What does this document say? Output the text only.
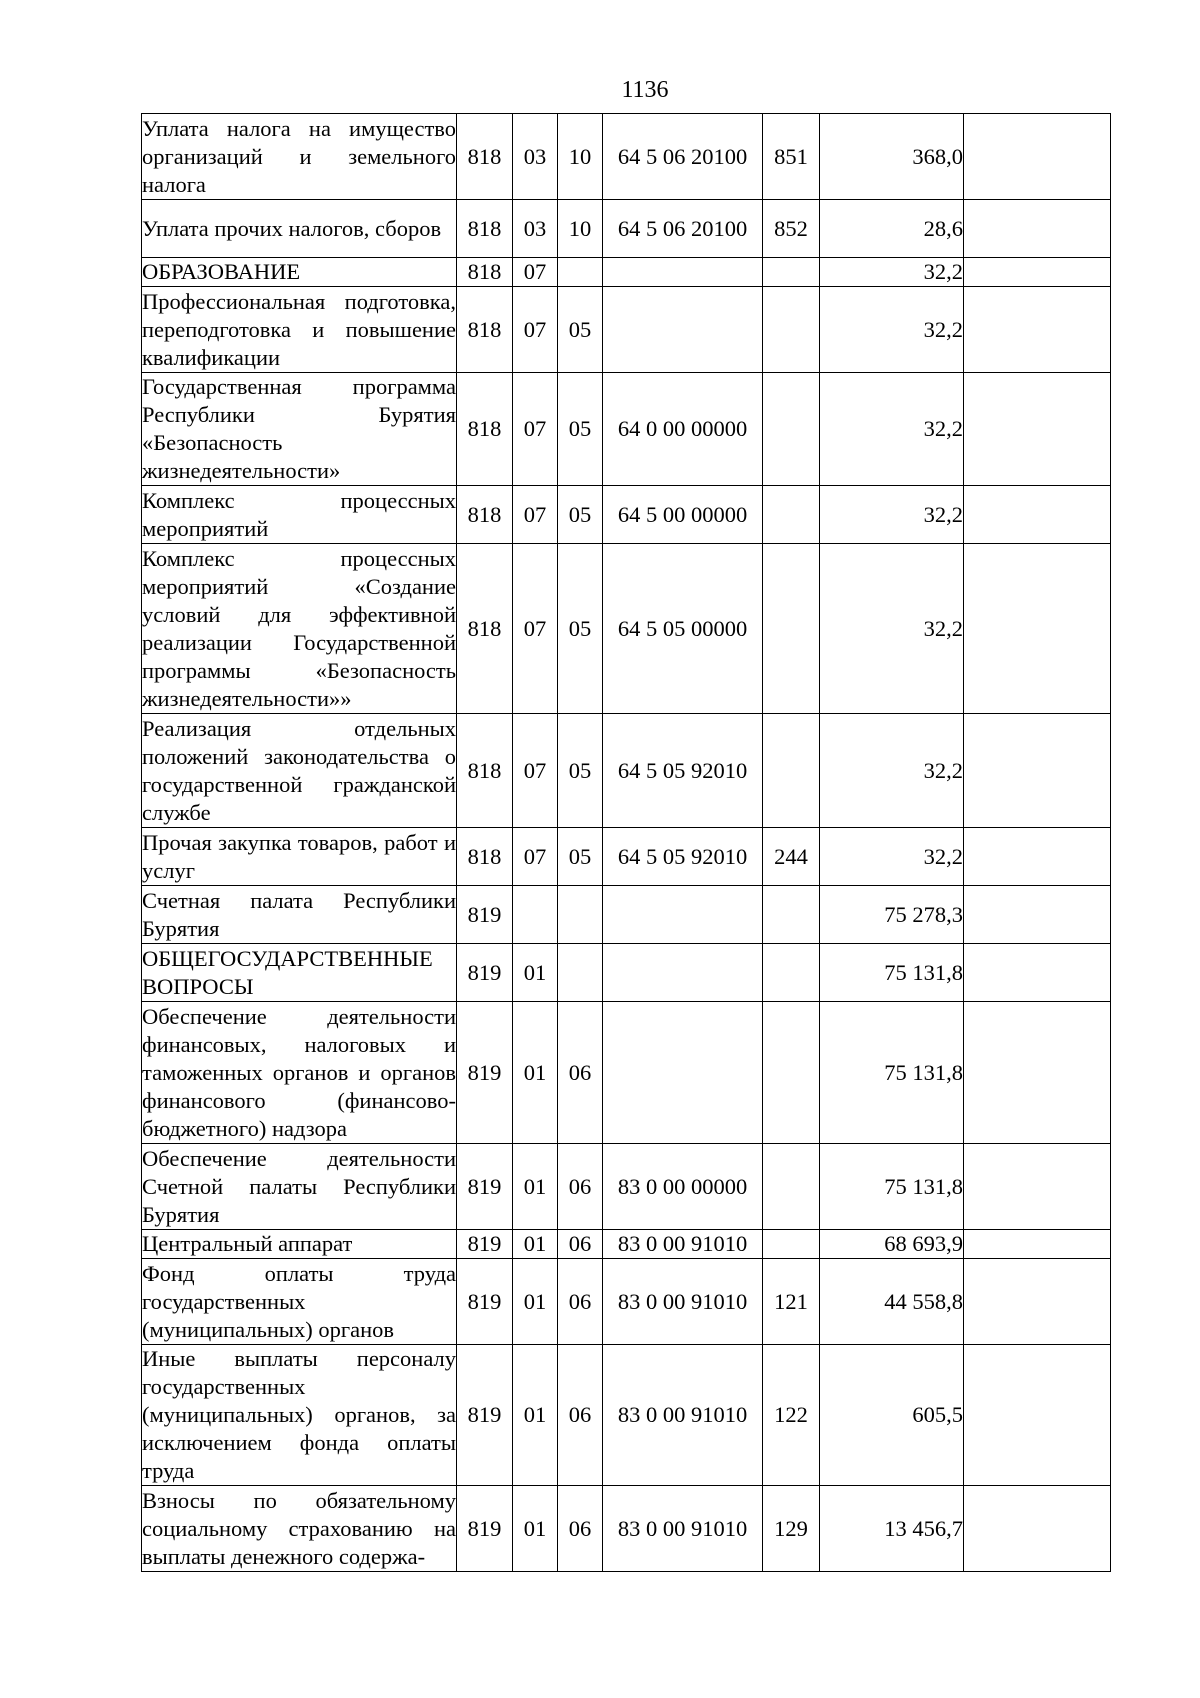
1136
Уплата налога на имущество организаций и земельного налога	818	03	10	64 5 06 20100	851	368,0	

Уплата прочих налогов, сборов	818	03	10	64 5 06 20100	852	28,6	

ОБРАЗОВАНИЕ	818	07				32,2	

Профессиональная подготовка, переподготовка и повышение квалификации	818	07	05			32,2	

Государственная программа Республики Бурятия «Безопасность жизнедеятельности»	818	07	05	64 0 00 00000		32,2	

Комплекс процессных мероприятий	818	07	05	64 5 00 00000		32,2	

Комплекс процессных мероприятий «Создание условий для эффективной реализации Государственной программы «Безопасность жизнедеятельности»»	818	07	05	64 5 05 00000		32,2	

Реализация отдельных положений законодательства о государственной гражданской службе	818	07	05	64 5 05 92010		32,2	

Прочая закупка товаров, работ и услуг	818	07	05	64 5 05 92010	244	32,2	

Счетная палата Республики Бурятия	819					75 278,3	

ОБЩЕГОСУДАРСТВЕННЫЕ ВОПРОСЫ	819	01				75 131,8	

Обеспечение деятельности финансовых, налоговых и таможенных органов и органов финансового (финансово-бюджетного) надзора	819	01	06			75 131,8	

Обеспечение деятельности Счетной палаты Республики Бурятия	819	01	06	83 0 00 00000		75 131,8	

Центральный аппарат	819	01	06	83 0 00 91010		68 693,9	

Фонд оплаты труда государственных (муниципальных) органов	819	01	06	83 0 00 91010	121	44 558,8	

Иные выплаты персоналу государственных (муниципальных) органов, за исключением фонда оплаты труда	819	01	06	83 0 00 91010	122	605,5	

Взносы по обязательному социальному страхованию на выплаты денежного содержа-	819	01	06	83 0 00 91010	129	13 456,7	
